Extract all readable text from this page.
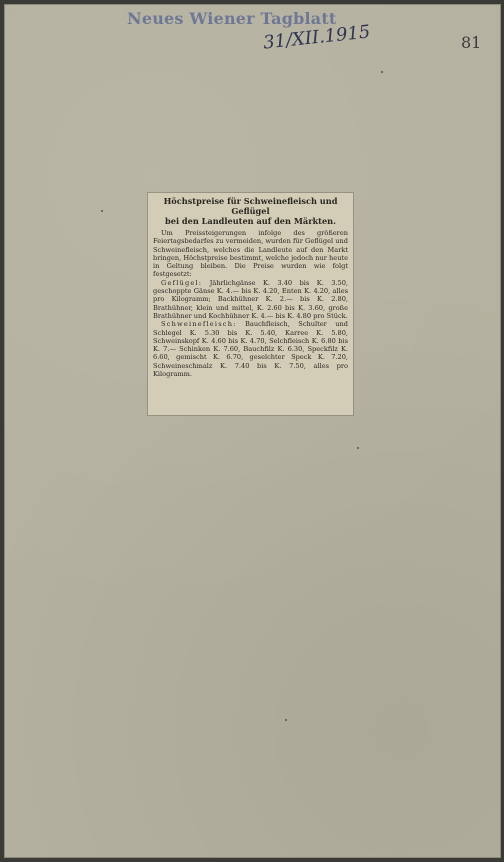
Neues Wiener Tagblatt
31/XII.1915	81
Höchstpreise für Schweinefleisch und Geflügel
bei den Landleuten auf den Märkten.

Um Preissteigerungen infolge des größeren Feiertagsbedarfes zu vermeiden, wurden für Geflügel und Schweinefleisch, welches die Landleute auf den Markt bringen, Höchstpreise bestimmt, welche jedoch nur heute in Geltung bleiben. Die Preise wurden wie folgt festgesetzt:

Geflügel: Jährlichgänse K. 3.40 bis K. 3.50, geschoppte Gänse K. 4.— bis K. 4.20, Enten K. 4.20, alles pro Kilogramm; Backhühner K. 2.— bis K. 2.80, Brathühner, klein und mittel, K. 2.60 bis K. 3.60, große Brathühner und Kochhühner K. 4.— bis K. 4.80 pro Stück.

Schweinefleisch: Bauchfleisch, Schulter und Schlegel K. 5.30 bis K. 5.40, Karree K. 5.80, Schweinskopf K. 4.60 bis K. 4.70, Selchfleisch K. 6.80 bis K. 7.— Schinken K. 7.60, Bauchfilz K. 6.30, Speckfilz K. 6.60, gemischt K. 6.70, geselchter Speck K. 7.20, Schweineschmalz K. 7.40 bis K. 7.50, alles pro Kilogramm.
